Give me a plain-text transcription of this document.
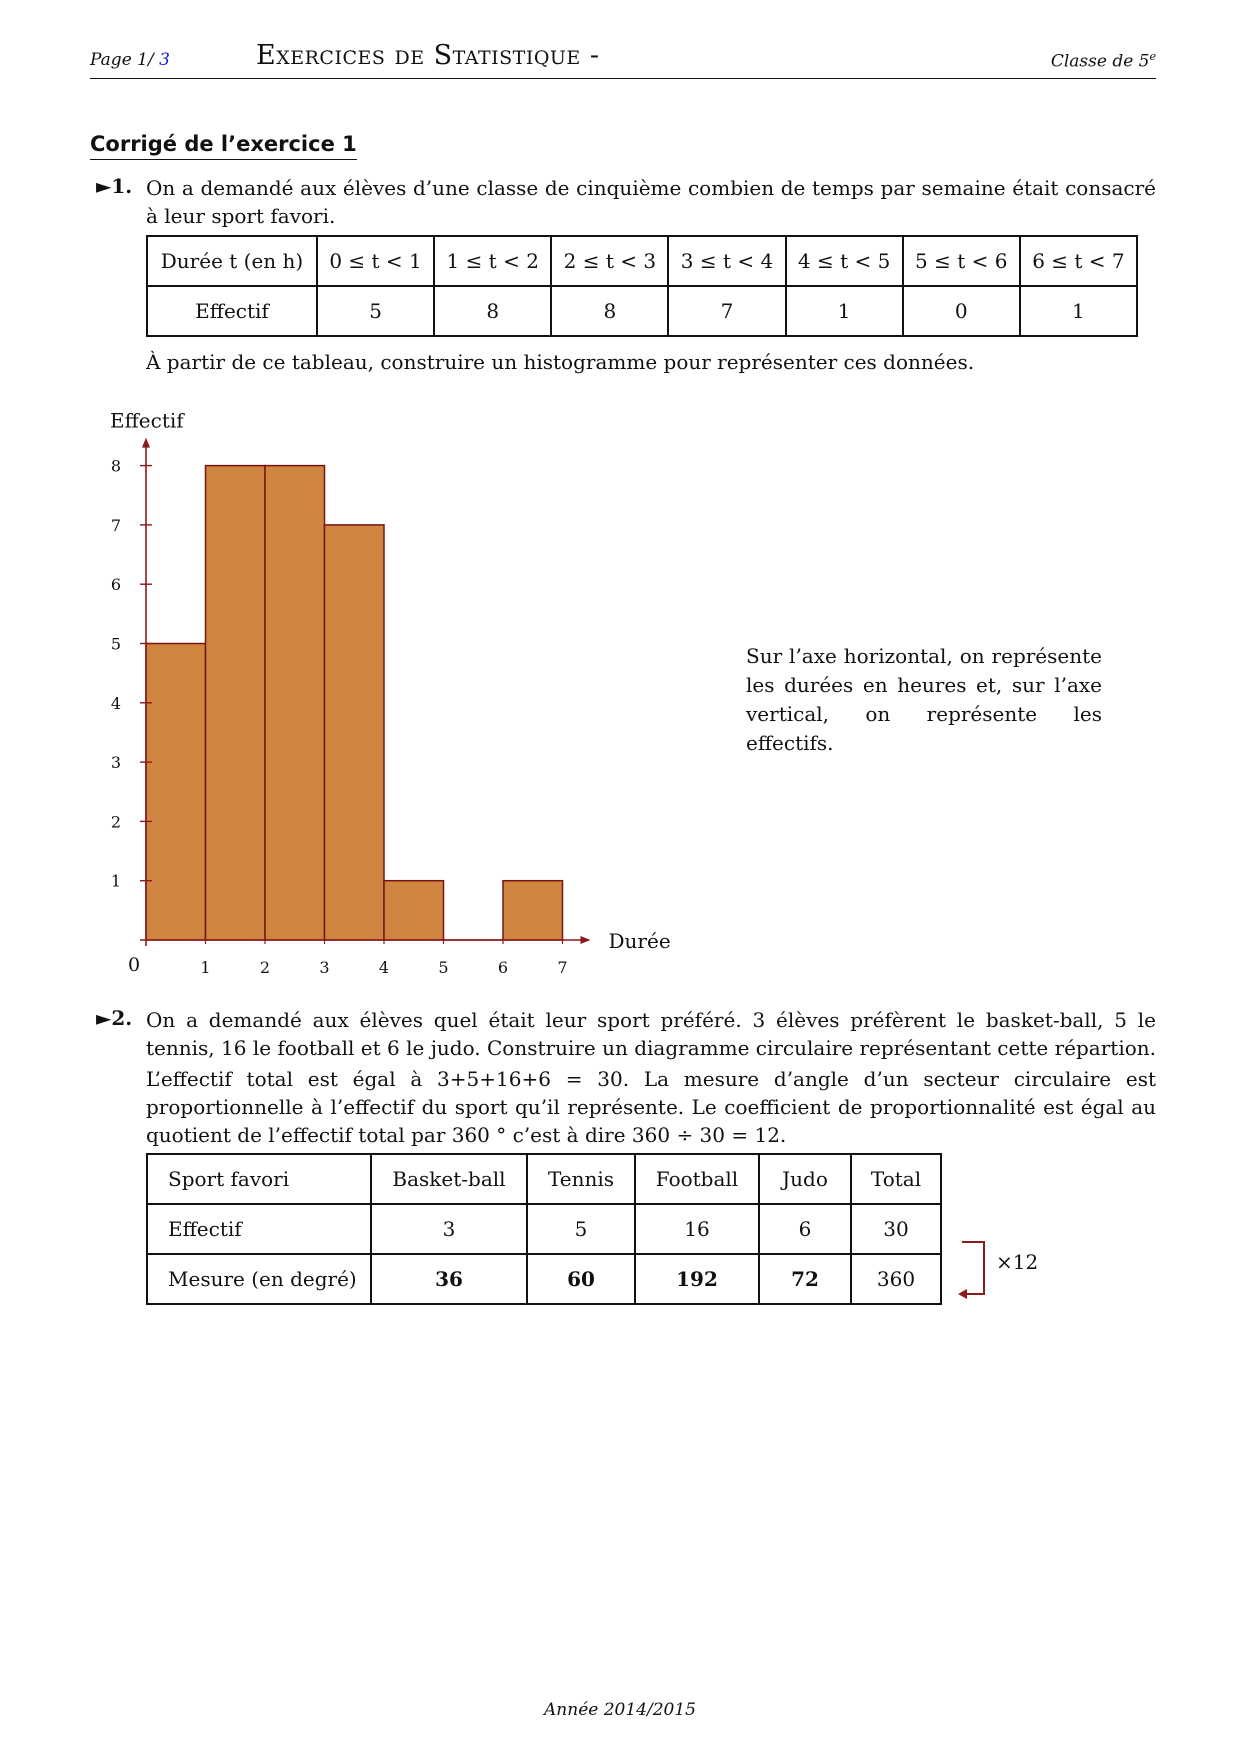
Page 1/ 3	Exercices de Statistique -	Classe de 5e
Corrigé de l’exercice 1
►1. On a demandé aux élèves d’une classe de cinquième combien de temps par semaine était consacré à leur sport favori.
Durée t (en h)	0 ≤ t < 1	1 ≤ t < 2	2 ≤ t < 3	3 ≤ t < 4	4 ≤ t < 5	5 ≤ t < 6	6 ≤ t < 7
Effectif	5	8	8	7	1	0	1
À partir de ce tableau, construire un histogramme pour représenter ces données.
1
2
3
4
5
6
7
8
1	2	3	4	5	6	7
0
Effectif
Durée
Sur l’axe horizontal, on représente les durées en heures et, sur l’axe vertical, on représente les effectifs.
►2. On a demandé aux élèves quel était leur sport préféré. 3 élèves préfèrent le basket-ball, 5 le tennis, 16 le football et 6 le judo. Construire un diagramme circulaire représentant cette répartion.
L’effectif total est égal à 3+5+16+6 = 30. La mesure d’angle d’un secteur circulaire est proportionnelle à l’effectif du sport qu’il représente. Le coefficient de proportionnalité est égal au quotient de l’effectif total par 360 ° c’est à dire 360 ÷ 30 = 12.
Sport favori	Basket-ball	Tennis	Football	Judo	Total
Effectif	3	5	16	6	30
Mesure (en degré)	36	60	192	72	360
×12
Année 2014/2015
